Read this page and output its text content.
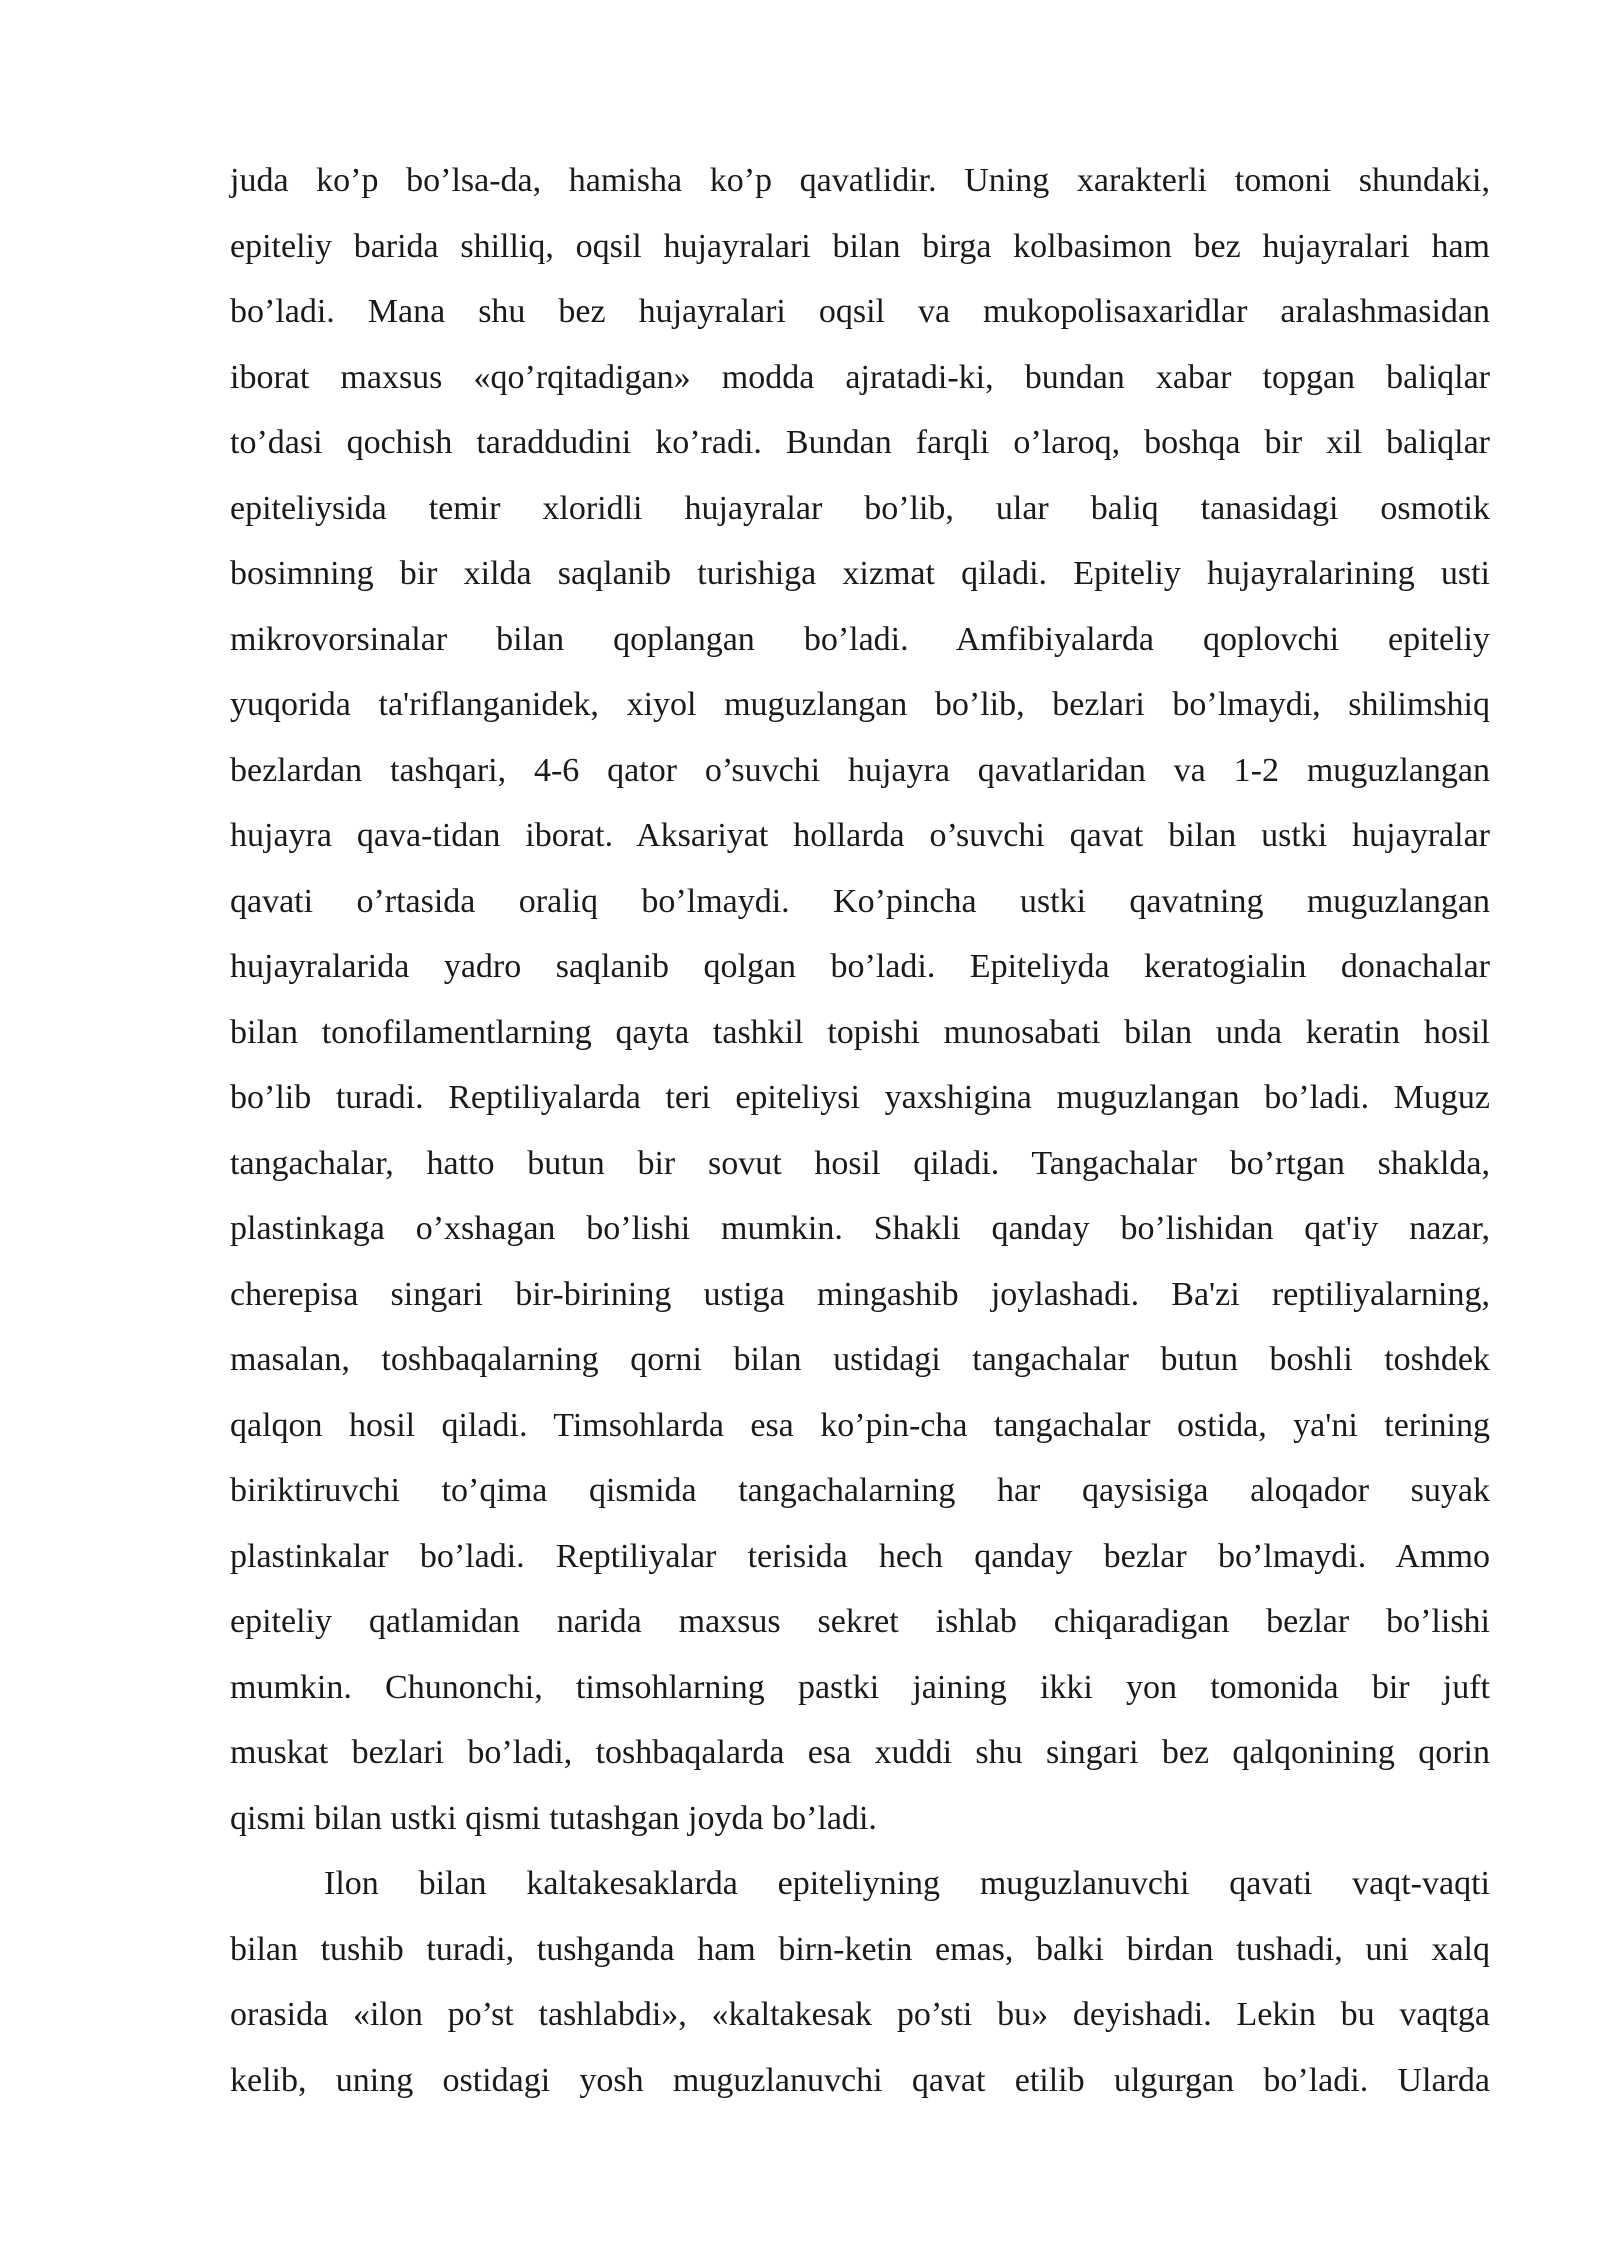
juda ko’p bo’lsa-da, hamisha ko’p qavatlidir. Uning xarakterli tomoni shundaki,
epiteliy barida shilliq, oqsil hujayralari bilan birga kolbasimon bez hujayralari ham
bo’ladi. Mana shu bez hujayralari oqsil va mukopolisaxaridlar aralashmasidan
iborat maxsus «qo’rqitadigan» modda ajratadi-ki, bundan xabar topgan baliqlar
to’dasi qochish taraddudini ko’radi. Bundan farqli o’laroq, boshqa bir xil baliqlar
epiteliysida temir xloridli hujayralar bo’lib, ular baliq tanasidagi osmotik
bosimning bir xilda saqlanib turishiga xizmat qiladi. Epiteliy hujayralarining usti
mikrovorsinalar bilan qoplangan bo’ladi. Amfibiyalarda qoplovchi epiteliy
yuqorida ta'riflanganidek, xiyol muguzlangan bo’lib, bezlari bo’lmaydi, shilimshiq
bezlardan tashqari, 4-6 qator o’suvchi hujayra qavatlaridan va 1-2 muguzlangan
hujayra qava-tidan iborat. Aksariyat hollarda o’suvchi qavat bilan ustki hujayralar
qavati o’rtasida oraliq bo’lmaydi. Ko’pincha ustki qavatning muguzlangan
hujayralarida yadro saqlanib qolgan bo’ladi. Epiteliyda keratogialin donachalar
bilan tonofilamentlarning qayta tashkil topishi munosabati bilan unda keratin hosil
bo’lib turadi. Reptiliyalarda teri epiteliysi yaxshigina muguzlangan bo’ladi. Muguz
tangachalar, hatto butun bir sovut hosil qiladi. Tangachalar bo’rtgan shaklda,
plastinkaga o’xshagan bo’lishi mumkin. Shakli qanday bo’lishidan qat'iy nazar,
cherepisa singari bir-birining ustiga mingashib joylashadi. Ba'zi reptiliyalarning,
masalan, toshbaqalarning qorni bilan ustidagi tangachalar butun boshli toshdek
qalqon hosil qiladi. Timsohlarda esa ko’pin-cha tangachalar ostida, ya'ni terining
biriktiruvchi to’qima qismida tangachalarning har qaysisiga aloqador suyak
plastinkalar bo’ladi. Reptiliyalar terisida hech qanday bezlar bo’lmaydi. Ammo
epiteliy qatlamidan narida maxsus sekret ishlab chiqaradigan bezlar bo’lishi
mumkin. Chunonchi, timsohlarning pastki jaining ikki yon tomonida bir juft
muskat bezlari bo’ladi, toshbaqalarda esa xuddi shu singari bez qalqonining qorin
qismi bilan ustki qismi tutashgan joyda bo’ladi.

Ilon bilan kaltakesaklarda epiteliyning muguzlanuvchi qavati vaqt-vaqti
bilan tushib turadi, tushganda ham birn-ketin emas, balki birdan tushadi, uni xalq
orasida «ilon po’st tashlabdi», «kaltakesak po’sti bu» deyishadi. Lekin bu vaqtga
kelib, uning ostidagi yosh muguzlanuvchi qavat etilib ulgurgan bo’ladi. Ularda
